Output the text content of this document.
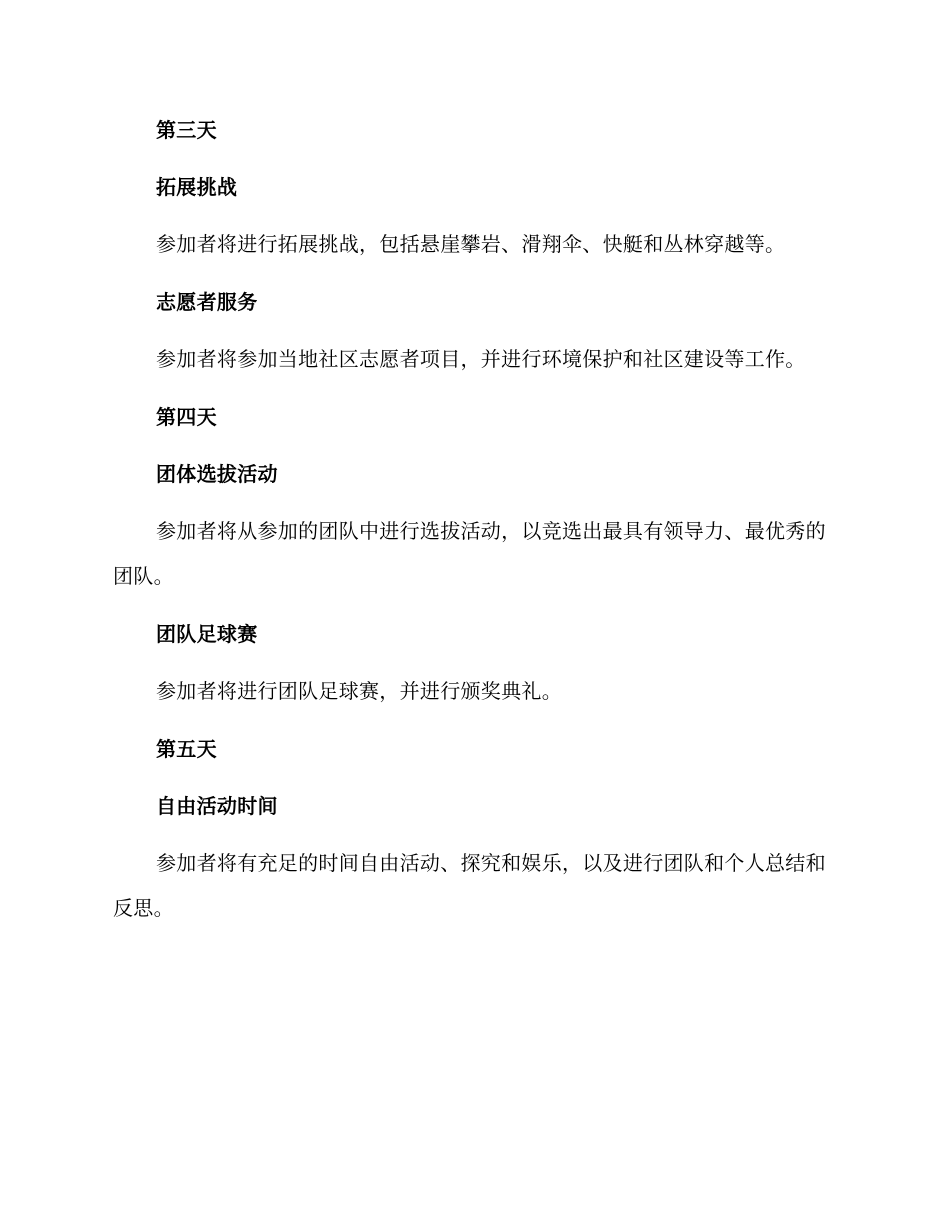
第三天

拓展挑战

参加者将进行拓展挑战，包括悬崖攀岩、滑翔伞、快艇和丛林穿越等。

志愿者服务

参加者将参加当地社区志愿者项目，并进行环境保护和社区建设等工作。

第四天

团体选拔活动

参加者将从参加的团队中进行选拔活动，以竞选出最具有领导力、最优秀的团队。

团队足球赛

参加者将进行团队足球赛，并进行颁奖典礼。

第五天

自由活动时间

参加者将有充足的时间自由活动、探究和娱乐，以及进行团队和个人总结和反思。
